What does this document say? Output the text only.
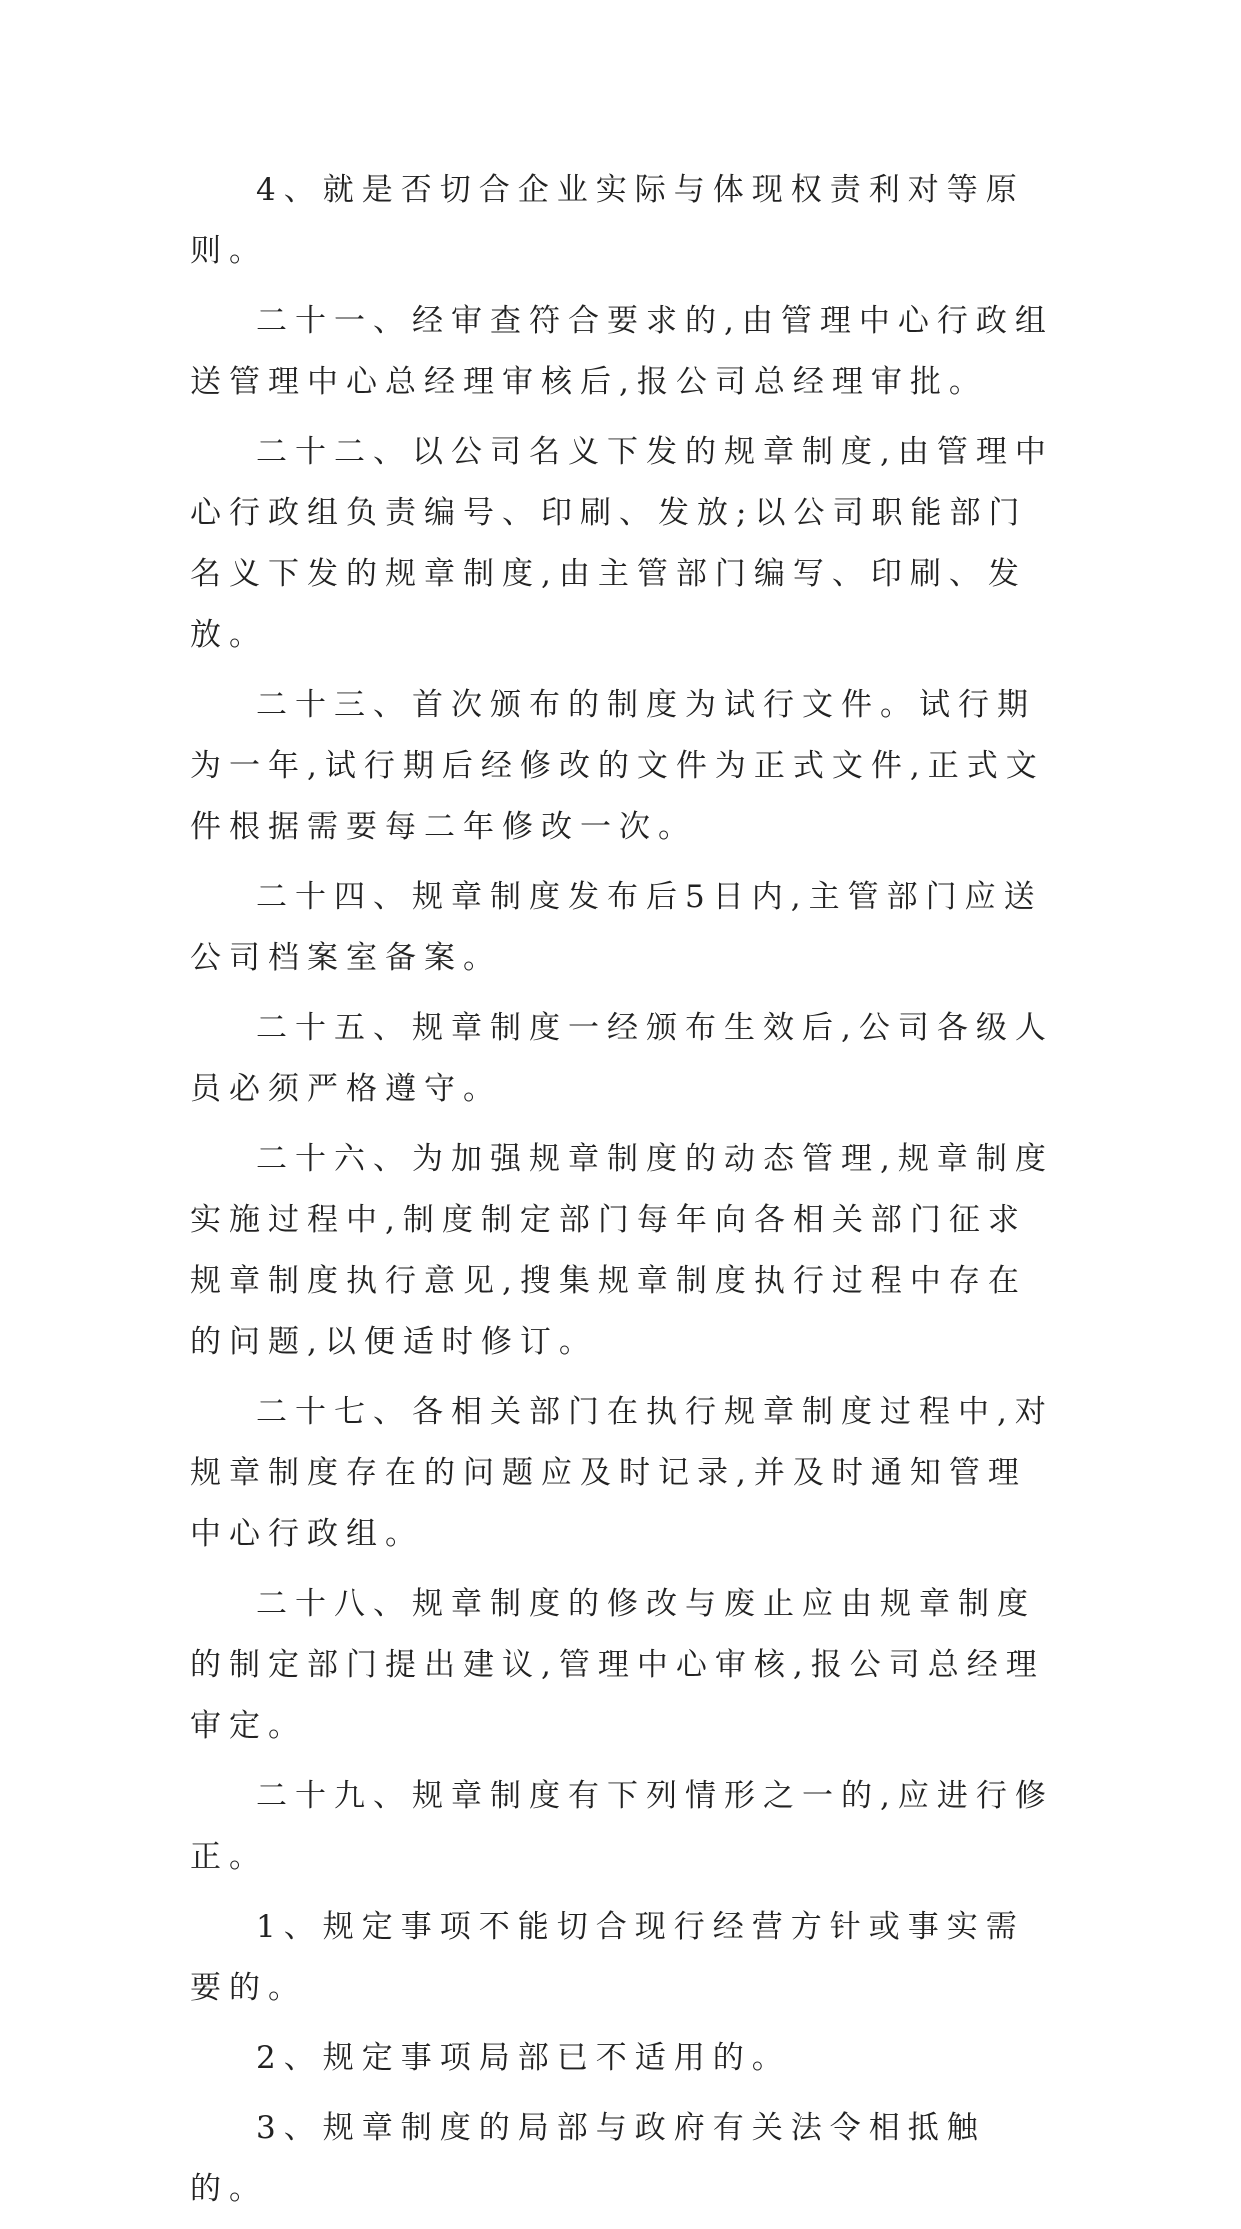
4、就是否切合企业实际与体现权责利对等原则。

二十一、经审查符合要求的,由管理中心行政组送管理中心总经理审核后,报公司总经理审批。

二十二、以公司名义下发的规章制度,由管理中心行政组负责编号、印刷、发放;以公司职能部门名义下发的规章制度,由主管部门编写、印刷、发放。

二十三、首次颁布的制度为试行文件。试行期为一年,试行期后经修改的文件为正式文件,正式文件根据需要每二年修改一次。

二十四、规章制度发布后5日内,主管部门应送公司档案室备案。

二十五、规章制度一经颁布生效后,公司各级人员必须严格遵守。

二十六、为加强规章制度的动态管理,规章制度实施过程中,制度制定部门每年向各相关部门征求规章制度执行意见,搜集规章制度执行过程中存在的问题,以便适时修订。

二十七、各相关部门在执行规章制度过程中,对规章制度存在的问题应及时记录,并及时通知管理中心行政组。

二十八、规章制度的修改与废止应由规章制度的制定部门提出建议,管理中心审核,报公司总经理审定。

二十九、规章制度有下列情形之一的,应进行修正。

1、规定事项不能切合现行经营方针或事实需要的。

2、规定事项局部已不适用的。

3、规章制度的局部与政府有关法令相抵触的。
